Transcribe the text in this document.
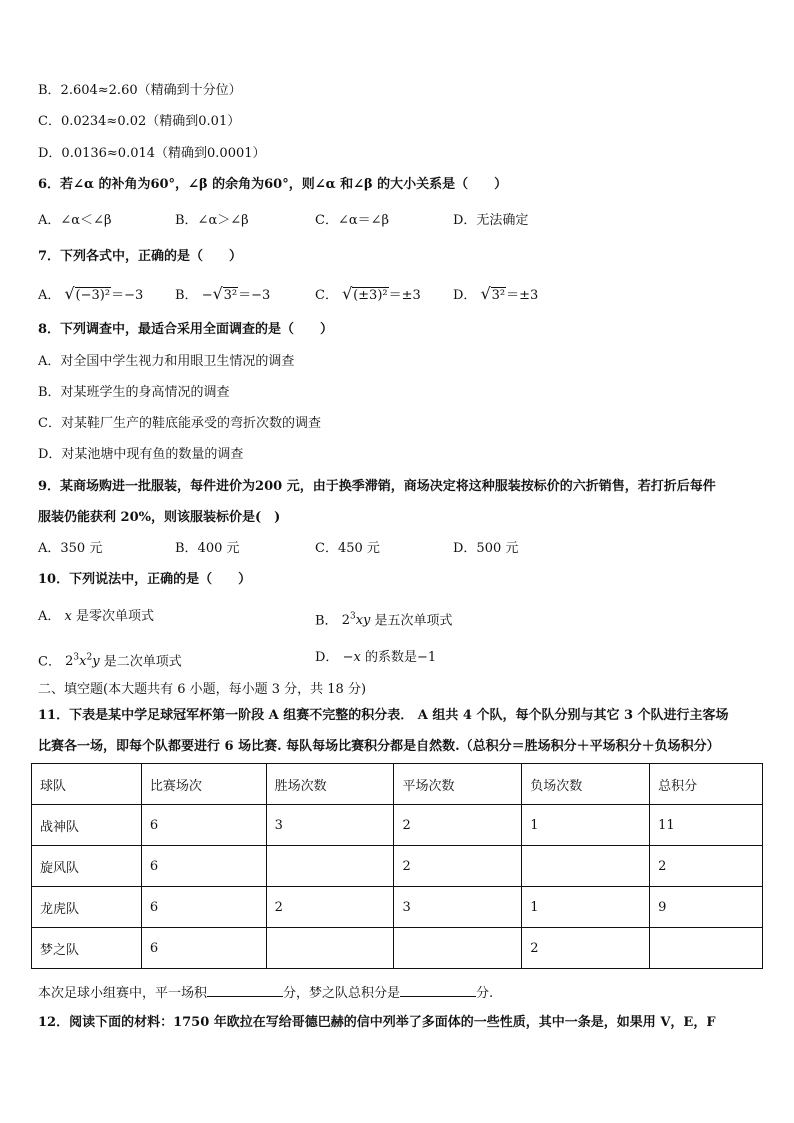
B．2.604≈2.60（精确到十分位）
C．0.0234≈0.02（精确到0.01）
D．0.0136≈0.014（精确到0.0001）
6．若∠α 的补角为60°，∠β 的余角为60°，则∠α 和∠β 的大小关系是（　　）
A．∠α＜∠β	B．∠α＞∠β	C．∠α＝∠β	D．无法确定
7．下列各式中，正确的是（　　）
A． √ (−3)²＝−3 B． − √ 3²＝−3	C． √ (±3)²＝±3 D． √ 3²＝±3
8．下列调查中，最适合采用全面调查的是（　　）
A．对全国中学生视力和用眼卫生情况的调查
B．对某班学生的身高情况的调查
C．对某鞋厂生产的鞋底能承受的弯折次数的调查
D．对某池塘中现有鱼的数量的调查
9．某商场购进一批服装，每件进价为200 元，由于换季滞销，商场决定将这种服装按标价的六折销售，若打折后每件
服装仍能获利 20%，则该服装标价是(　)
A．350 元	B．400 元	C．450 元	D．500 元
10．下列说法中，正确的是（　　）
A． x 是零次单项式	B． $2^3xy$ 是五次单项式
C． $2^3x^2y$ 是二次单项式	D． −x 的系数是−1
二、填空题(本大题共有 6 小题，每小题 3 分，共 18 分)
11．下表是某中学足球冠军杯第一阶段 A 组赛不完整的积分表． A 组共 4 个队，每个队分别与其它 3 个队进行主客场
比赛各一场，即每个队都要进行 6 场比赛. 每队每场比赛积分都是自然数.（总积分＝胜场积分＋平场积分＋负场积分）
球队	比赛场次	胜场次数	平场次数	负场次数	总积分
战神队	6	3	2	1	11
旋风队	6		2		2
龙虎队	6	2	3	1	9
梦之队	6			2	
本次足球小组赛中，平一场积	分，梦之队总积分是	分.
12．阅读下面的材料：1750 年欧拉在写给哥德巴赫的信中列举了多面体的一些性质，其中一条是，如果用 V，E，F
